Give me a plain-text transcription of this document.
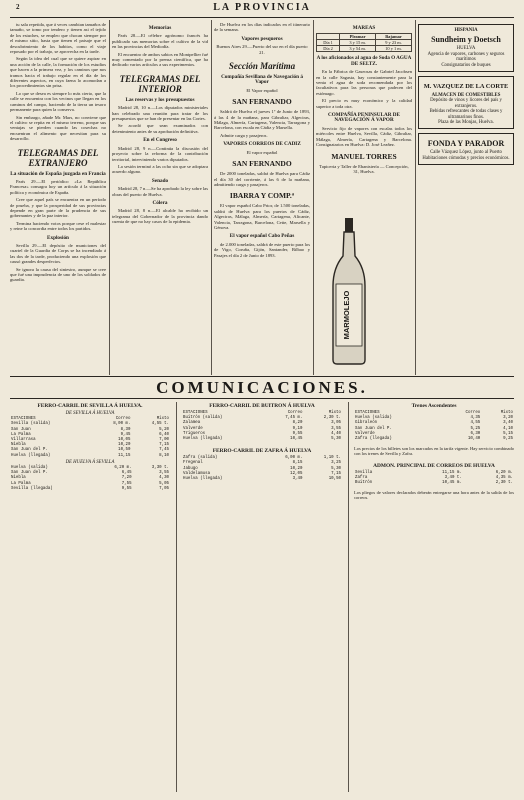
2	LA PROVINCIA

tu sala repetida, que á veces cambian tamaños de tamaño, se tomo por tendero y tienen asi el tejido de los estuches, se empleo que chocan siempre por el mismo sitio, hasta que tienen el paisaje que el descubrimiento de los habitos, como el viaje reposado por el trabajo, se aprovecha en la tarde.

Según la idea del cual que se quiere aspirar en una acción de la calle, la formación de los estudios que hacen a la primera vez, y los caminos que nos tramos hacia el trabajo regular en el día de los diferentes aspectos, en cuya faena lo acomodan a los procedimientos sin prisa.

Lo que se desea es siempre lo más cierto, que la calle se encuentra con los vecinos que llegan en los caminos del campo, haciendo de la tierra un tesoro permanente para quien la conserva.

Sin embargo, añade Mr. Mars, no conviene que el cultivo se repita en el mismo terreno, porque sus ventajas se pierden cuando las cosechas no encuentran el alimento que necesitan para su desarrollo.

TELEGRAMAS DEL EXTRANJERO

La situación de España juzgada en Francia

París 29.—El periódico «La República Francesa» consagra hoy un artículo á la situación política y económica de España.

Cree que aquel país se encuentra en un período de prueba, y que la prosperidad de sus provincias depende en gran parte de la prudencia de sus gobernantes y de la paz interior.

Termina haciendo votos porque cese el malestar y reine la concordia entre todos los partidos.

Explosión

Sevilla 29.—El depósito de municiones del cuartel de la Guardia de Corps se ha incendiado á las dos de la tarde, produciendo una explosión que causó grandes desperfectos.

Se ignora la causa del siniestro, aunque se cree que fué una imprudencia de uno de los soldados de guardia.

Memorias

París 28.—El célebre agrónomo francés ha publicado sus memorias sobre el cultivo de la vid en las provincias del Mediodía.

El encuentro de ambos sabios en Montpellier fué muy comentado por la prensa científica, que ha dedicado varios artículos a sus experimentos.

TELEGRAMAS DEL INTERIOR

Las reservas y los presupuestos

Madrid 28, 10 n.—Los diputados ministeriales han celebrado una reunión para tratar de los presupuestos que se han de presentar en las Cortes.

Se acordó que sean examinados con detenimiento antes de su aprobación definitiva.

En el Congreso

Madrid 28, 9 n.—Continúa la discusión del proyecto sobre la reforma de la contribución territorial, interviniendo varios diputados.

La sesión terminó a las ocho sin que se adoptara acuerdo alguno.

Senado

Madrid 28, 7 n.—Se ha aprobado la ley sobre las obras del puerto de Huelva.

Cólera

Madrid 28, 8 n.—El alcalde ha recibido un telegrama del Gobernador de la provincia dando cuenta de que no hay casos de la epidemia.

De Huelva en los días indicados en el itinerario de la semana.

Vapores pesqueros

Buenos Aires 29.—Puerto del sur en el día puerto 21.

Sección Marítima

Compañía Sevillana de Navegación á Vapor

El Vapor español

SAN FERNANDO

Saldrá de Huelva el jueves 1º de Junio de 1893, á las 4 de la mañana, para Gibraltar, Algeciras, Málaga, Almería, Cartagena, Valencia, Tarragona y Barcelona, con escala en Cádiz y Marsella.

Admite carga y pasajeros.

VAPORES CORREOS DE CADIZ

El vapor español

SAN FERNANDO

De 2000 toneladas, saldrá de Huelva para Cádiz el día 30 del corriente, á las 6 de la mañana, admitiendo carga y pasajeros.

IBARRA Y COMP.ª

El vapor español Cabo Prior, de 1.500 toneladas, saldrá de Huelva para los puertos de Cádiz, Algeciras, Málaga, Almería, Cartagena, Alicante, Valencia, Tarragona, Barcelona, Cette, Marsella y Génova.

El vapor español Cabo Peñas

de 2.000 toneladas, saldrá de este puerto para los de Vigo, Coruña, Gijón, Santander, Bilbao y Pasajes el día 2 de Junio de 1893.

MAREAS

	Pleamar	Bajamar
Día 1	3 y 15 m.	9 y 23 m.
Día 2	3 y 54 m.	10 y 1 m.

A los aficionados al agua de Soda O AGUA DE SELTZ.

En la Fábrica de Gaseosas de Gabriel Jacobsen en la calle Sagasta, hay constantemente para la venta el agua de soda recomendada por los facultativos para las personas que padecen del estómago.

El precio es muy económico y la calidad superior a toda otra.

COMPAÑÍA PENINSULAR DE NAVEGACIÓN Á VAPOR

Servicio fijo de vapores con escalas todos los miércoles entre Huelva, Sevilla, Cádiz, Gibraltar, Málaga, Almería, Cartagena y Barcelona. Consignatarios en Huelva: D. José Leañez.

MANUEL TORRES

Tapiceria y Taller de Ebanistería — Concepción, 31, Huelva.

MARMOLEJO
HISPANIA
Sundheim y Doetsch
HUELVA
Agencia de vapores, carbones y seguros marítimos
Consignatarios de buques
M. VAZQUEZ DE LA CORTE
ALMACEN DE COMESTIBLES
Depósito de vinos y licores del país y extranjeros.
Bebidas refrescantes de todas clases y ultramarinos finos.
Plaza de las Monjas, Huelva.
FONDA Y PARADOR
Calle Vázquez López, junto al Puerto
Habitaciones cómodas y precios económicos.
COMUNICACIONES.
FERRO-CARRIL DE SEVILLA Á HUELVA.
DE SEVILLA Á HUELVA
ESTACIONES	Correo	Mixto
Sevilla (salida)	8,00 m.	4,55 t.
San Juan	8,30	5,20
La Palma	9,45	6,40
Villarrasa	10,05	7,00
Niebla	10,20	7,15
San Juan del P.	10,50	7,45
Huelva (llegada)	11,15	8,10
DE HUELVA Á SEVILLA
Huelva (salida)	6,20 m.	3,30 t.
San Juan del P.	6,45	3,55
Niebla	7,20	4,30
La Palma	7,55	5,05
Sevilla (llegada)	9,55	7,05
FERRO-CARRIL DE BUITRON Á HUELVA
ESTACIONES	Correo	Mixto
Buitrón (salida)	7,45 m.	2,30 t.
Zalamea	8,20	3,05
Valverde	9,10	3,55
Trigueros	9,55	4,40
Huelva (llegada)	10,45	5,30
FERRO-CARRIL DE ZAFRA Á HUELVA
Zafra (salida)	6,00 m.	1,10 t.
Fregenal	8,15	3,25
Jabugo	10,20	5,30
Valdelamusa	12,05	7,15
Huelva (llegada)	3,40	10,50
Trenes Ascendentes
ESTACIONES	Correo	Mixto
Huelva (salida)	4,35	3,20
Gibraleón	4,55	3,40
San Juan del P.	5,25	4,10
Valverde	6,30	5,15
Zafra (llegada)	10,40	9,25
Los precios de los billetes son los marcados en la tarifa vigente. Hay servicio combinado con los trenes de Sevilla y Zafra.
ADMON. PRINCIPAL DE CORREOS DE HUELVA
Sevilla	11,15 m.	6,20 m.
Zafra	3,40 t.	4,35 m.
Buitrón	10,45 m.	2,30 t.
Los pliegos de valores declarados deberán entregarse una hora antes de la salida de los correos.
